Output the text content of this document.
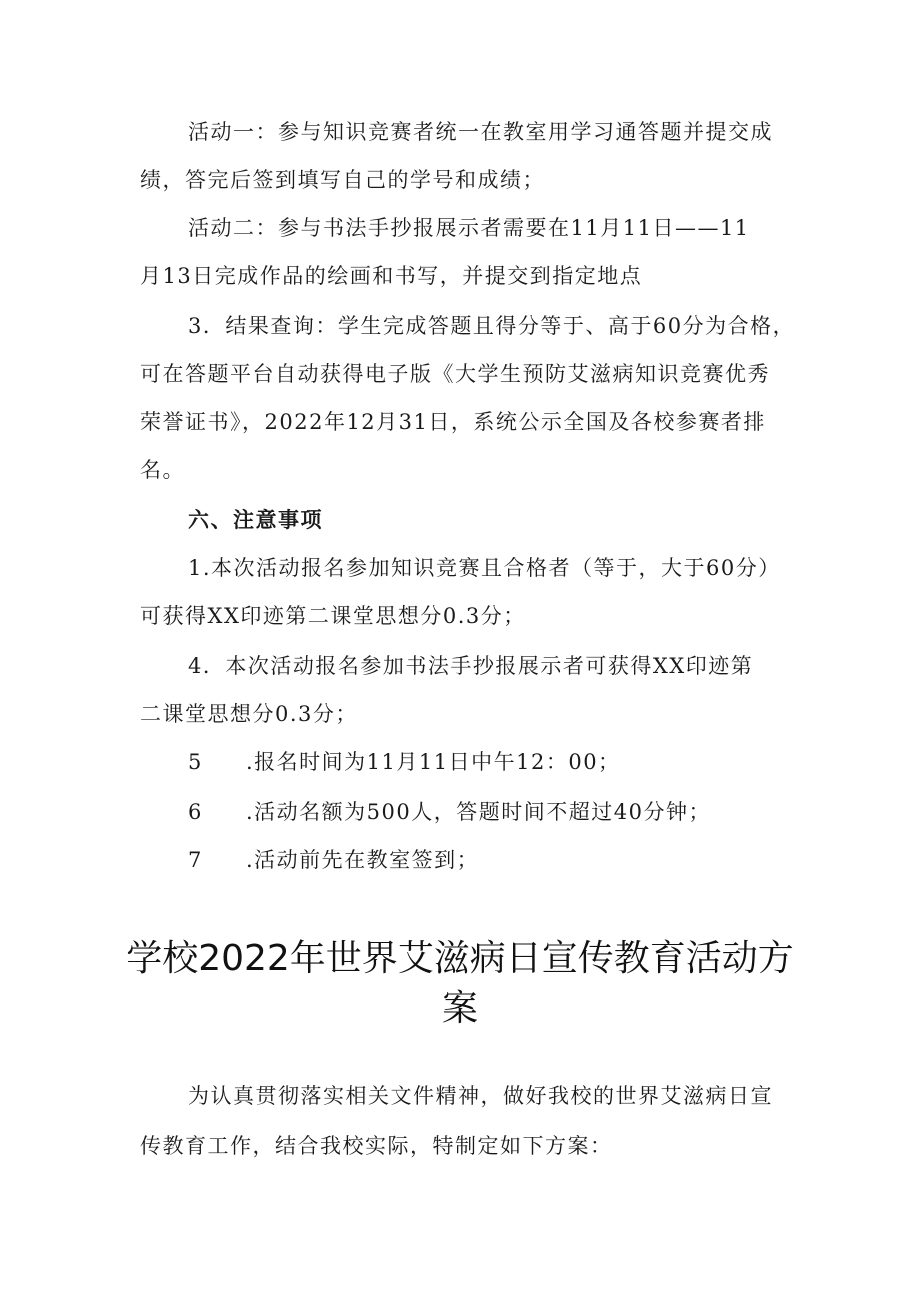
活动一：参与知识竞赛者统一在教室用学习通答题并提交成
绩，答完后签到填写自己的学号和成绩；
活动二：参与书法手抄报展示者需要在11月11日——11
月13日完成作品的绘画和书写，并提交到指定地点
3．结果查询：学生完成答题且得分等于、高于60分为合格，
可在答题平台自动获得电子版《大学生预防艾滋病知识竞赛优秀
荣誉证书》，2022年12月31日，系统公示全国及各校参赛者排
名。
六、注意事项
1.本次活动报名参加知识竞赛且合格者（等于，大于60分）
可获得XX印迹第二课堂思想分0.3分；
4．本次活动报名参加书法手抄报展示者可获得XX印迹第
二课堂思想分0.3分；
5 .报名时间为11月11日中午12：00；
6 .活动名额为500人，答题时间不超过40分钟；
7 .活动前先在教室签到；
学校2022年世界艾滋病日宣传教育活动方
案
为认真贯彻落实相关文件精神，做好我校的世界艾滋病日宣
传教育工作，结合我校实际，特制定如下方案：
